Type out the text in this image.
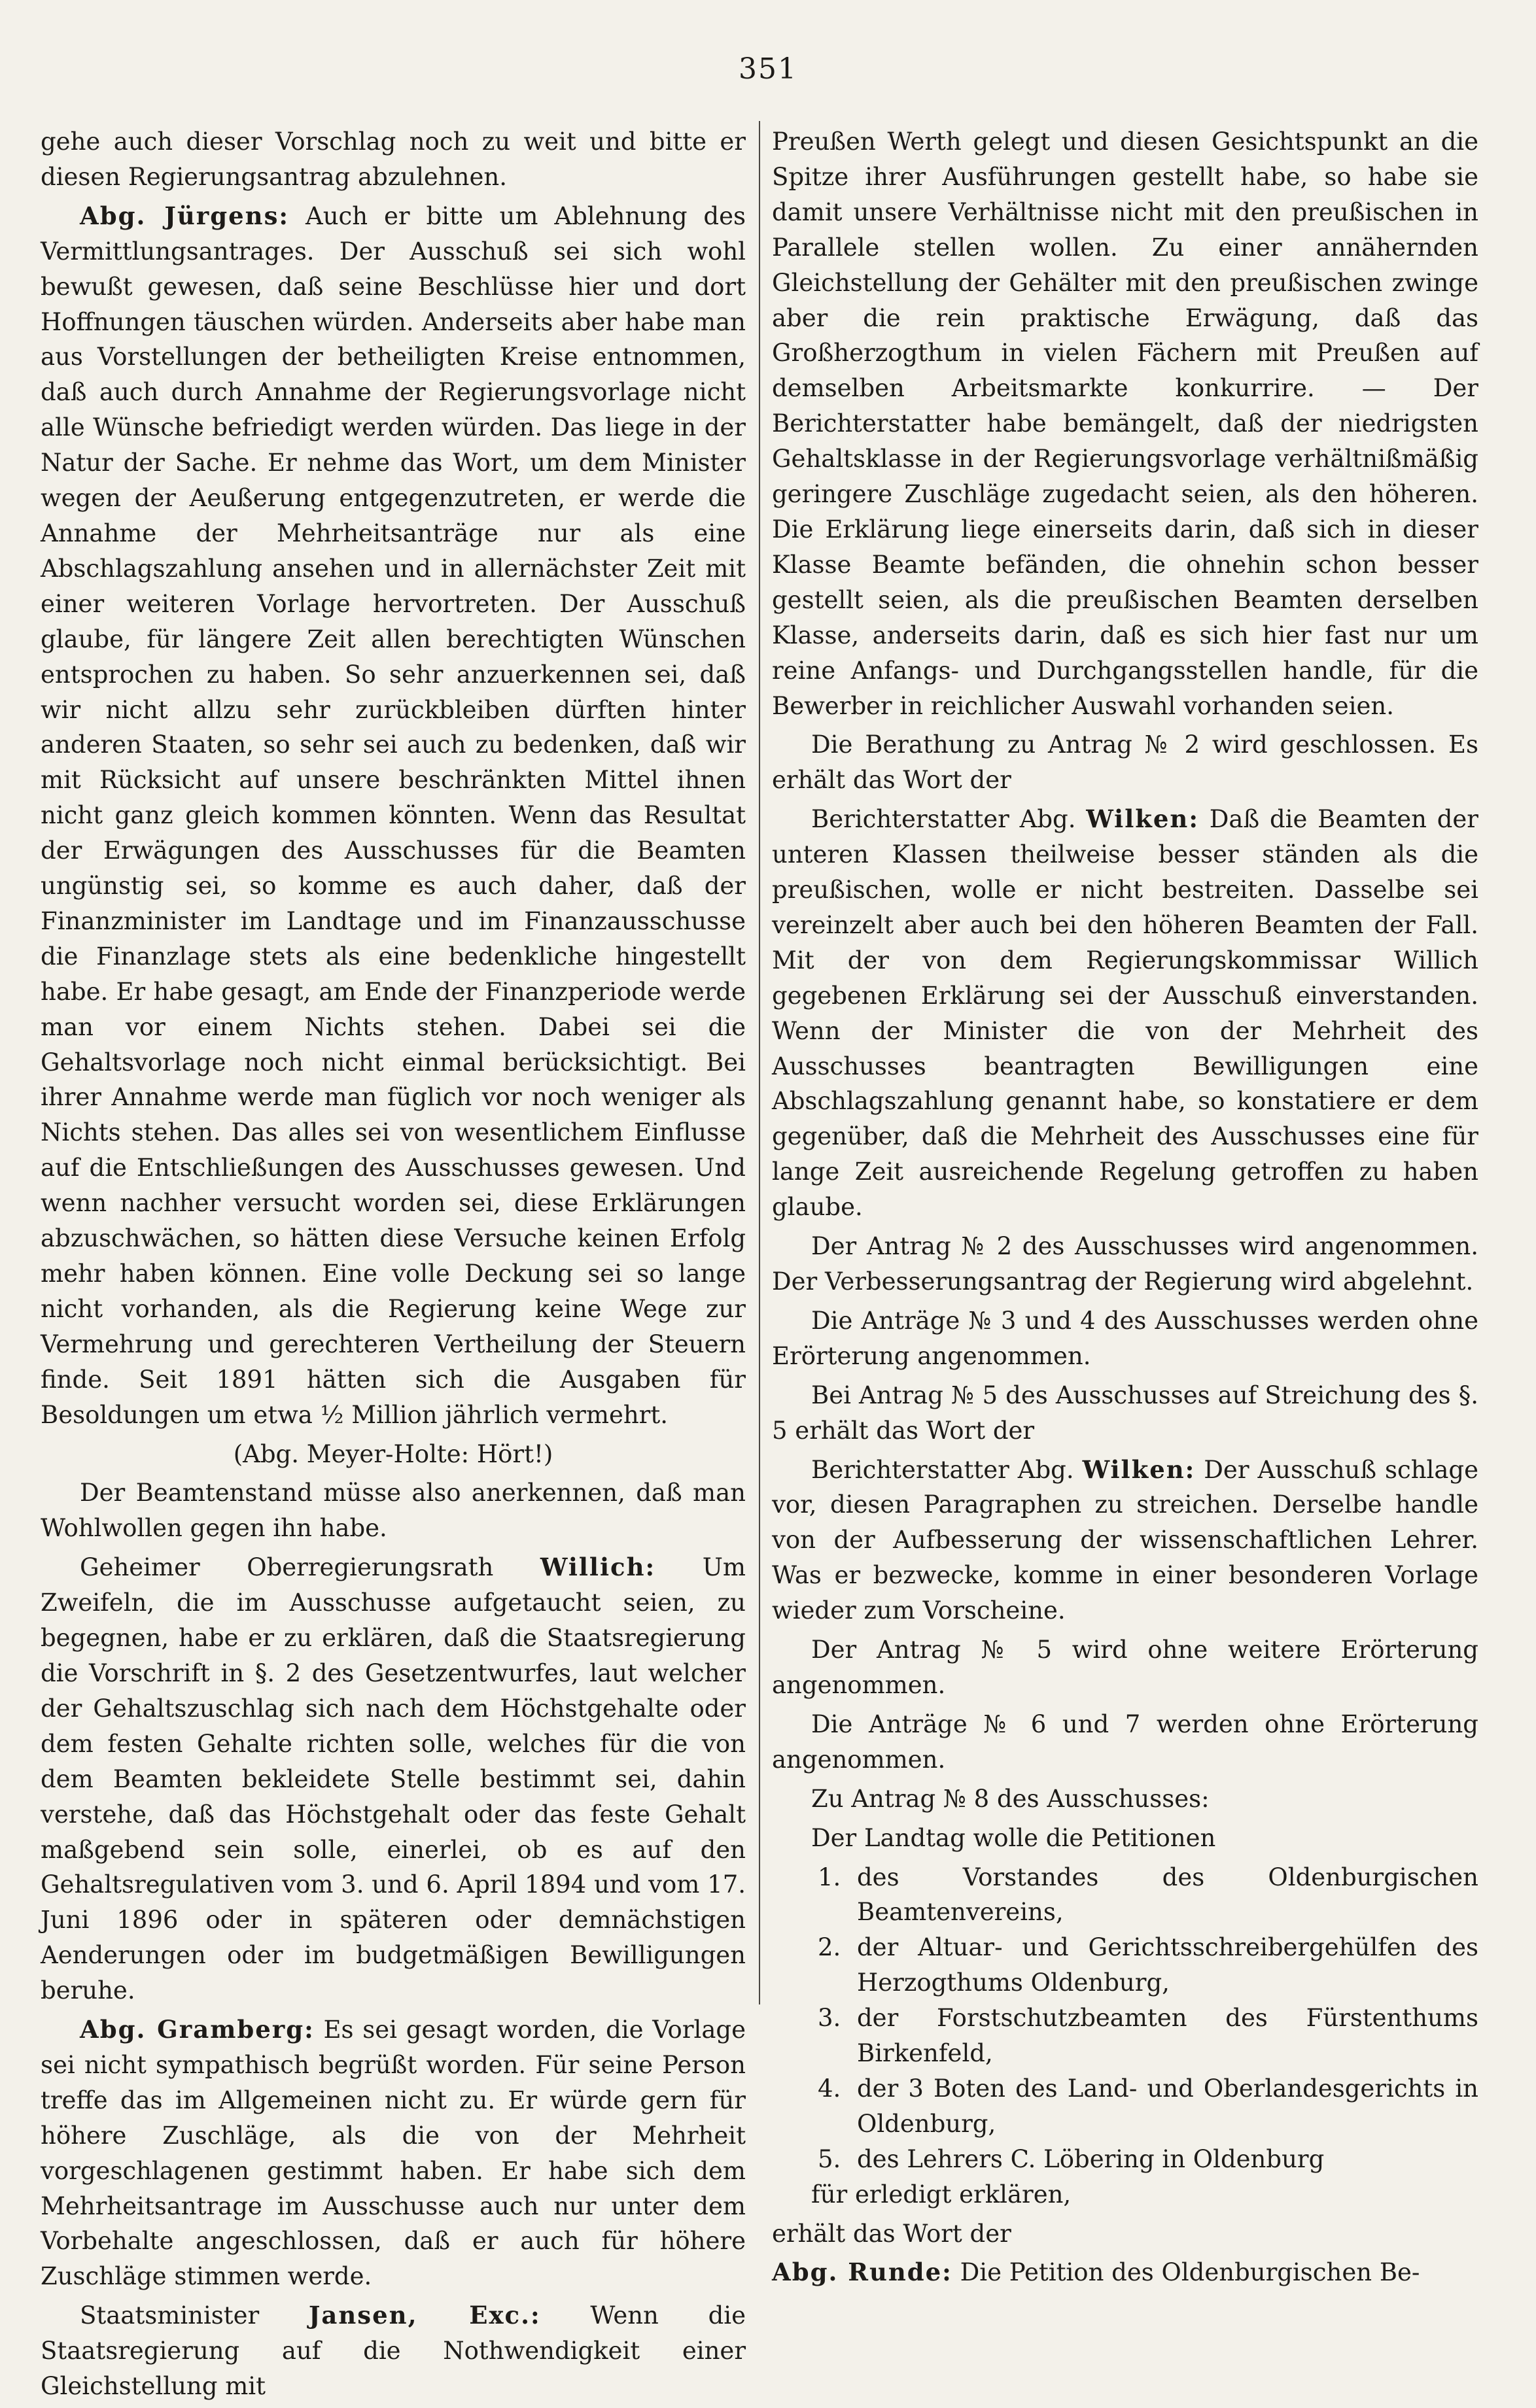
351

gehe auch dieser Vorschlag noch zu weit und bitte er diesen Regierungsantrag abzulehnen.

Abg. Jürgens: Auch er bitte um Ablehnung des Vermittlungsantrages. Der Ausschuß sei sich wohl bewußt gewesen, daß seine Beschlüsse hier und dort Hoffnungen täuschen würden. Anderseits aber habe man aus Vorstellungen der betheiligten Kreise entnommen, daß auch durch Annahme der Regierungsvorlage nicht alle Wünsche befriedigt werden würden. Das liege in der Natur der Sache. Er nehme das Wort, um dem Minister wegen der Aeußerung entgegenzutreten, er werde die Annahme der Mehrheitsanträge nur als eine Abschlagszahlung ansehen und in allernächster Zeit mit einer weiteren Vorlage hervortreten. Der Ausschuß glaube, für längere Zeit allen berechtigten Wünschen entsprochen zu haben. So sehr anzuerkennen sei, daß wir nicht allzu sehr zurückbleiben dürften hinter anderen Staaten, so sehr sei auch zu bedenken, daß wir mit Rücksicht auf unsere beschränkten Mittel ihnen nicht ganz gleich kommen könnten. Wenn das Resultat der Erwägungen des Ausschusses für die Beamten ungünstig sei, so komme es auch daher, daß der Finanzminister im Landtage und im Finanzausschusse die Finanzlage stets als eine bedenkliche hingestellt habe. Er habe gesagt, am Ende der Finanzperiode werde man vor einem Nichts stehen. Dabei sei die Gehaltsvorlage noch nicht einmal berücksichtigt. Bei ihrer Annahme werde man füglich vor noch weniger als Nichts stehen. Das alles sei von wesentlichem Einflusse auf die Entschließungen des Ausschusses gewesen. Und wenn nachher versucht worden sei, diese Erklärungen abzuschwächen, so hätten diese Versuche keinen Erfolg mehr haben können. Eine volle Deckung sei so lange nicht vorhanden, als die Regierung keine Wege zur Vermehrung und gerechteren Vertheilung der Steuern finde. Seit 1891 hätten sich die Ausgaben für Besoldungen um etwa ½ Million jährlich vermehrt.

(Abg. Meyer-Holte: Hört!)

Der Beamtenstand müsse also anerkennen, daß man Wohlwollen gegen ihn habe.

Geheimer Oberregierungsrath Willich: Um Zweifeln, die im Ausschusse aufgetaucht seien, zu begegnen, habe er zu erklären, daß die Staatsregierung die Vorschrift in §. 2 des Gesetzentwurfes, laut welcher der Gehaltszuschlag sich nach dem Höchstgehalte oder dem festen Gehalte richten solle, welches für die von dem Beamten bekleidete Stelle bestimmt sei, dahin verstehe, daß das Höchstgehalt oder das feste Gehalt maßgebend sein solle, einerlei, ob es auf den Gehaltsregulativen vom 3. und 6. April 1894 und vom 17. Juni 1896 oder in späteren oder demnächstigen Aenderungen oder im budgetmäßigen Bewilligungen beruhe.

Abg. Gramberg: Es sei gesagt worden, die Vorlage sei nicht sympathisch begrüßt worden. Für seine Person treffe das im Allgemeinen nicht zu. Er würde gern für höhere Zuschläge, als die von der Mehrheit vorgeschlagenen gestimmt haben. Er habe sich dem Mehrheitsantrage im Ausschusse auch nur unter dem Vorbehalte angeschlossen, daß er auch für höhere Zuschläge stimmen werde.

Staatsminister Jansen, Exc.: Wenn die Staatsregierung auf die Nothwendigkeit einer Gleichstellung mit

Preußen Werth gelegt und diesen Gesichtspunkt an die Spitze ihrer Ausführungen gestellt habe, so habe sie damit unsere Verhältnisse nicht mit den preußischen in Parallele stellen wollen. Zu einer annähernden Gleichstellung der Gehälter mit den preußischen zwinge aber die rein praktische Erwägung, daß das Großherzogthum in vielen Fächern mit Preußen auf demselben Arbeitsmarkte konkurrire. — Der Berichterstatter habe bemängelt, daß der niedrigsten Gehaltsklasse in der Regierungsvorlage verhältnißmäßig geringere Zuschläge zugedacht seien, als den höheren. Die Erklärung liege einerseits darin, daß sich in dieser Klasse Beamte befänden, die ohnehin schon besser gestellt seien, als die preußischen Beamten derselben Klasse, anderseits darin, daß es sich hier fast nur um reine Anfangs- und Durchgangsstellen handle, für die Bewerber in reichlicher Auswahl vorhanden seien.

Die Berathung zu Antrag № 2 wird geschlossen. Es erhält das Wort der

Berichterstatter Abg. Wilken: Daß die Beamten der unteren Klassen theilweise besser ständen als die preußischen, wolle er nicht bestreiten. Dasselbe sei vereinzelt aber auch bei den höheren Beamten der Fall. Mit der von dem Regierungskommissar Willich gegebenen Erklärung sei der Ausschuß einverstanden. Wenn der Minister die von der Mehrheit des Ausschusses beantragten Bewilligungen eine Abschlagszahlung genannt habe, so konstatiere er dem gegenüber, daß die Mehrheit des Ausschusses eine für lange Zeit ausreichende Regelung getroffen zu haben glaube.

Der Antrag № 2 des Ausschusses wird angenommen. Der Verbesserungsantrag der Regierung wird abgelehnt.

Die Anträge № 3 und 4 des Ausschusses werden ohne Erörterung angenommen.

Bei Antrag № 5 des Ausschusses auf Streichung des §. 5 erhält das Wort der

Berichterstatter Abg. Wilken: Der Ausschuß schlage vor, diesen Paragraphen zu streichen. Derselbe handle von der Aufbesserung der wissenschaftlichen Lehrer. Was er bezwecke, komme in einer besonderen Vorlage wieder zum Vorscheine.

Der Antrag № 5 wird ohne weitere Erörterung angenommen.

Die Anträge № 6 und 7 werden ohne Erörterung angenommen.

Zu Antrag № 8 des Ausschusses:

Der Landtag wolle die Petitionen

1. des Vorstandes des Oldenburgischen Beamtenvereins,
2. der Altuar- und Gerichtsschreibergehülfen des Herzogthums Oldenburg,
3. der Forstschutzbeamten des Fürstenthums Birkenfeld,
4. der 3 Boten des Land- und Oberlandesgerichts in Oldenburg,
5. des Lehrers C. Löbering in Oldenburg

für erledigt erklären,

erhält das Wort der

Abg. Runde: Die Petition des Oldenburgischen Be-
